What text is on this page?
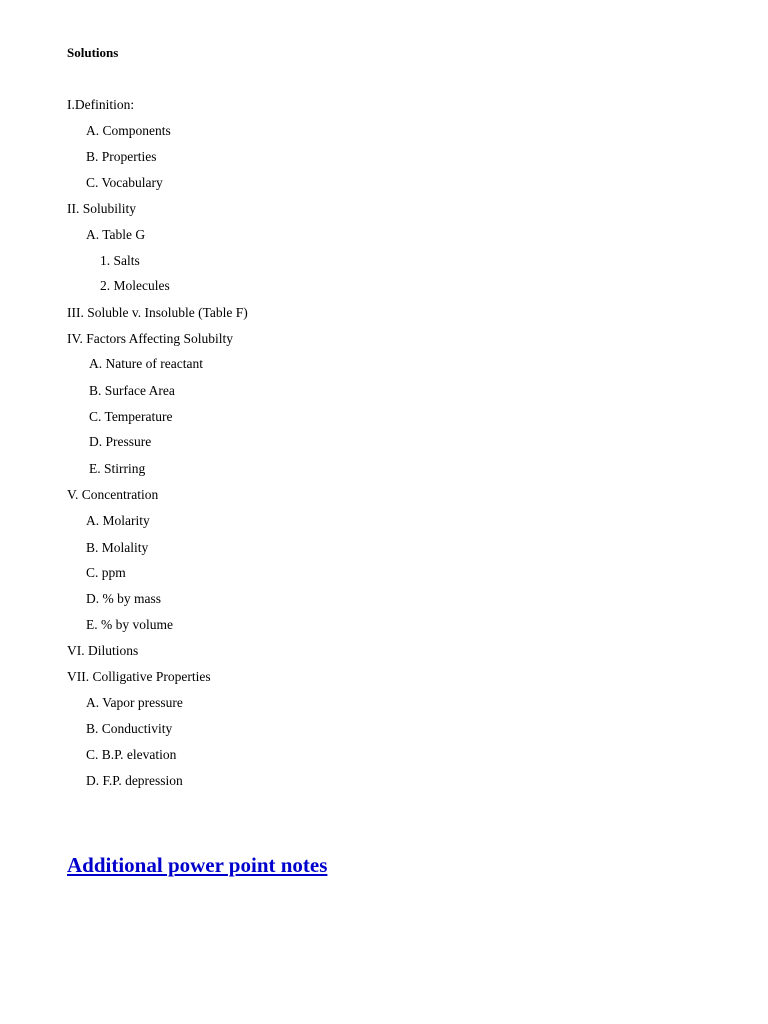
Solutions
I.Definition:
A. Components
B. Properties
C. Vocabulary
II. Solubility
A. Table G
1. Salts
2. Molecules
III. Soluble v. Insoluble (Table F)
IV. Factors Affecting Solubilty
A. Nature of reactant
B. Surface Area
C. Temperature
D. Pressure
E. Stirring
V. Concentration
A. Molarity
B. Molality
C. ppm
D. % by mass
E. % by volume
VI. Dilutions
VII. Colligative Properties
A. Vapor pressure
B. Conductivity
C. B.P. elevation
D. F.P. depression
Additional power point notes
